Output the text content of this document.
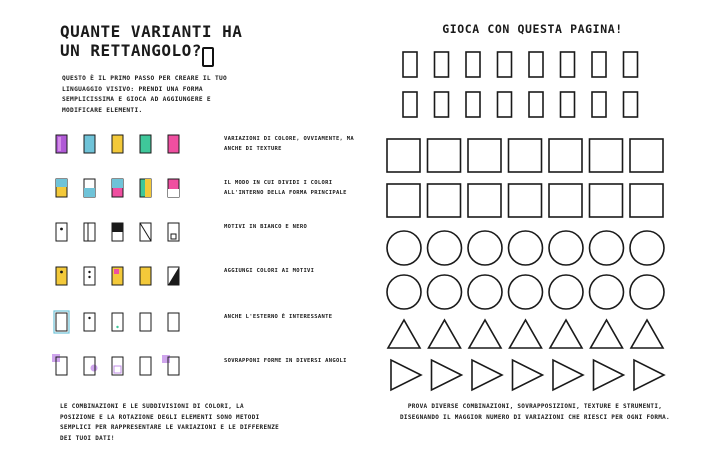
QUANTE VARIANTI HA UN RETTANGOLO?
QUESTO È IL PRIMO PASSO PER CREARE IL TUO LINGUAGGIO VISIVO: PRENDI UNA FORMA SEMPLICISSIMA E GIOCA AD AGGIUNGERE E MODIFICARE ELEMENTI.
VARIAZIONI DI COLORE, OVVIAMENTE, MA ANCHE DI TEXTURE
IL MODO IN CUI DIVIDI I COLORI ALL'INTERNO DELLA FORMA PRINCIPALE
MOTIVI IN BIANCO E NERO
AGGIUNGI COLORI AI MOTIVI
ANCHE L'ESTERNO È INTERESSANTE
SOVRAPPONI FORME IN DIVERSI ANGOLI
LE COMBINAZIONI E LE SUDDIVISIONI DI COLORI, LA POSIZIONE E LA ROTAZIONE DEGLI ELEMENTI SONO METODI SEMPLICI PER RAPPRESENTARE LE VARIAZIONI E LE DIFFERENZE DEI TUOI DATI!
GIOCA CON QUESTA PAGINA!
PROVA DIVERSE COMBINAZIONI, SOVRAPPOSIZIONI, TEXTURE E STRUMENTI, DISEGNANDO IL MAGGIOR NUMERO DI VARIAZIONI CHE RIESCI PER OGNI FORMA.
